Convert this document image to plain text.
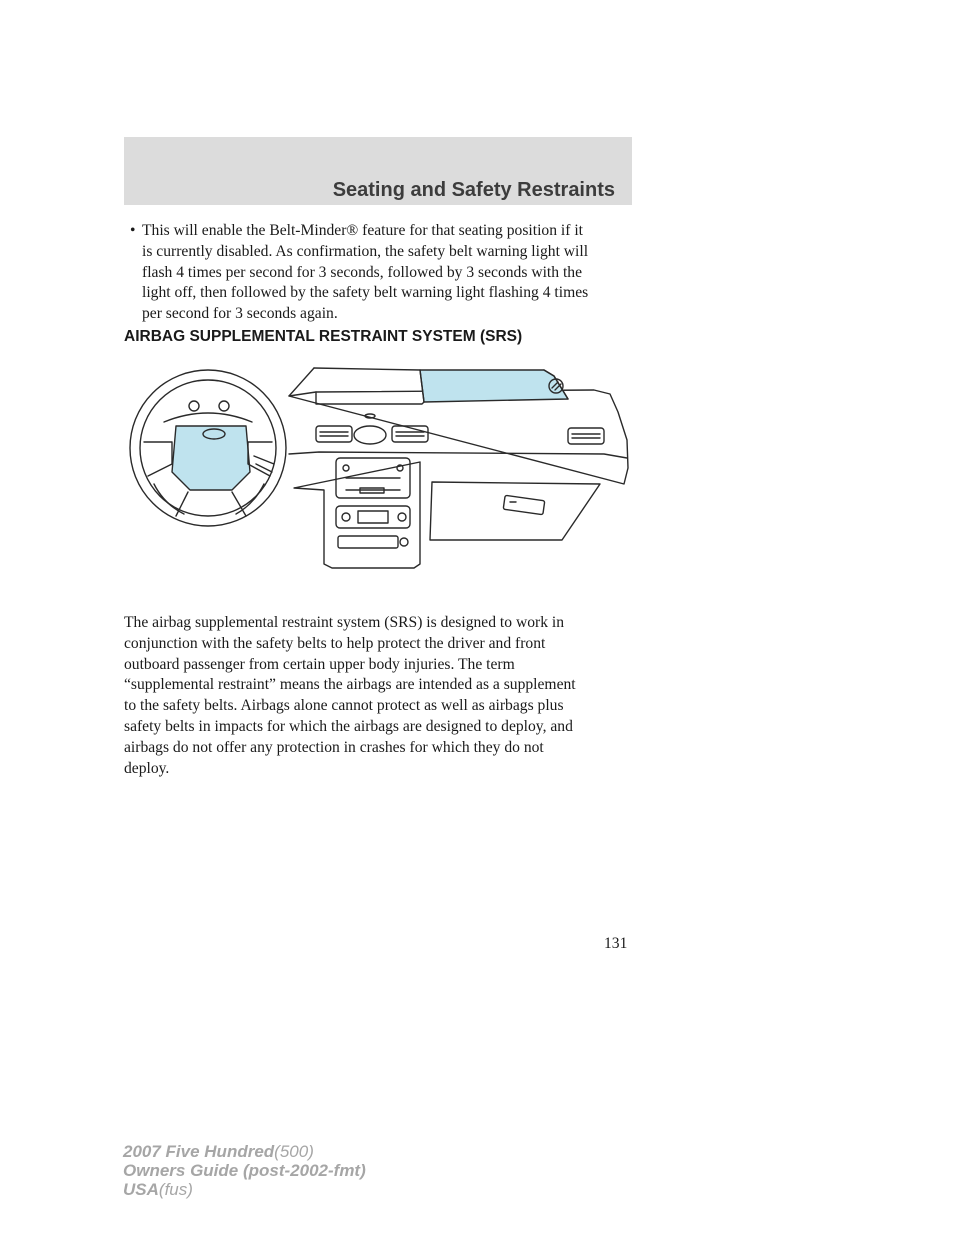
Seating and Safety Restraints
• This will enable the Belt-Minder® feature for that seating position if it
is currently disabled. As confirmation, the safety belt warning light will
flash 4 times per second for 3 seconds, followed by 3 seconds with the
light off, then followed by the safety belt warning light flashing 4 times
per second for 3 seconds again.
AIRBAG SUPPLEMENTAL RESTRAINT SYSTEM (SRS)
The airbag supplemental restraint system (SRS) is designed to work in
conjunction with the safety belts to help protect the driver and front
outboard passenger from certain upper body injuries. The term
“supplemental restraint” means the airbags are intended as a supplement
to the safety belts. Airbags alone cannot protect as well as airbags plus
safety belts in impacts for which the airbags are designed to deploy, and
airbags do not offer any protection in crashes for which they do not
deploy.
131
2007 Five Hundred(500)
Owners Guide (post-2002-fmt)
USA(fus)
